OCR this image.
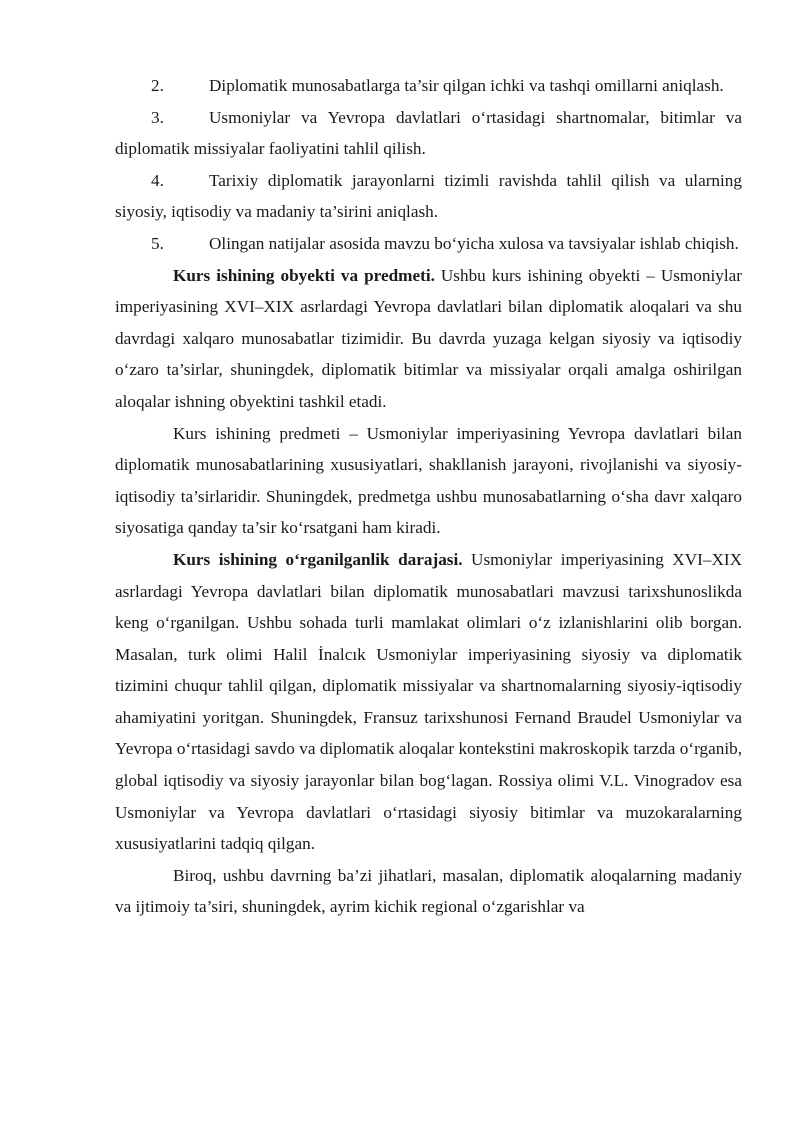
2.	Diplomatik munosabatlarga ta’sir qilgan ichki va tashqi omillarni aniqlash.

3.	Usmoniylar va Yevropa davlatlari o‘rtasidagi shartnomalar, bitimlar va diplomatik missiyalar faoliyatini tahlil qilish.

4.	Tarixiy diplomatik jarayonlarni tizimli ravishda tahlil qilish va ularning siyosiy, iqtisodiy va madaniy ta’sirini aniqlash.

5.	Olingan natijalar asosida mavzu bo‘yicha xulosa va tavsiyalar ishlab chiqish.

Kurs ishining obyekti va predmeti. Ushbu kurs ishining obyekti – Usmoniylar imperiyasining XVI–XIX asrlardagi Yevropa davlatlari bilan diplomatik aloqalari va shu davrdagi xalqaro munosabatlar tizimidir. Bu davrda yuzaga kelgan siyosiy va iqtisodiy o‘zaro ta’sirlar, shuningdek, diplomatik bitimlar va missiyalar orqali amalga oshirilgan aloqalar ishning obyektini tashkil etadi.

Kurs ishining predmeti – Usmoniylar imperiyasining Yevropa davlatlari bilan diplomatik munosabatlarining xususiyatlari, shakllanish jarayoni, rivojlanishi va siyosiy-iqtisodiy ta’sirlaridir. Shuningdek, predmetga ushbu munosabatlarning o‘sha davr xalqaro siyosatiga qanday ta’sir ko‘rsatgani ham kiradi.

Kurs ishining o‘rganilganlik darajasi. Usmoniylar imperiyasining XVI–XIX asrlardagi Yevropa davlatlari bilan diplomatik munosabatlari mavzusi tarixshunoslikda keng o‘rganilgan. Ushbu sohada turli mamlakat olimlari o‘z izlanishlarini olib borgan. Masalan, turk olimi Halil İnalcık Usmoniylar imperiyasining siyosiy va diplomatik tizimini chuqur tahlil qilgan, diplomatik missiyalar va shartnomalarning siyosiy-iqtisodiy ahamiyatini yoritgan. Shuningdek, Fransuz tarixshunosi Fernand Braudel Usmoniylar va Yevropa o‘rtasidagi savdo va diplomatik aloqalar kontekstini makroskopik tarzda o‘rganib, global iqtisodiy va siyosiy jarayonlar bilan bog‘lagan. Rossiya olimi V.L. Vinogradov esa Usmoniylar va Yevropa davlatlari o‘rtasidagi siyosiy bitimlar va muzokaralarning xususiyatlarini tadqiq qilgan.

Biroq, ushbu davrning ba’zi jihatlari, masalan, diplomatik aloqalarning madaniy va ijtimoiy ta’siri, shuningdek, ayrim kichik regional o‘zgarishlar va
